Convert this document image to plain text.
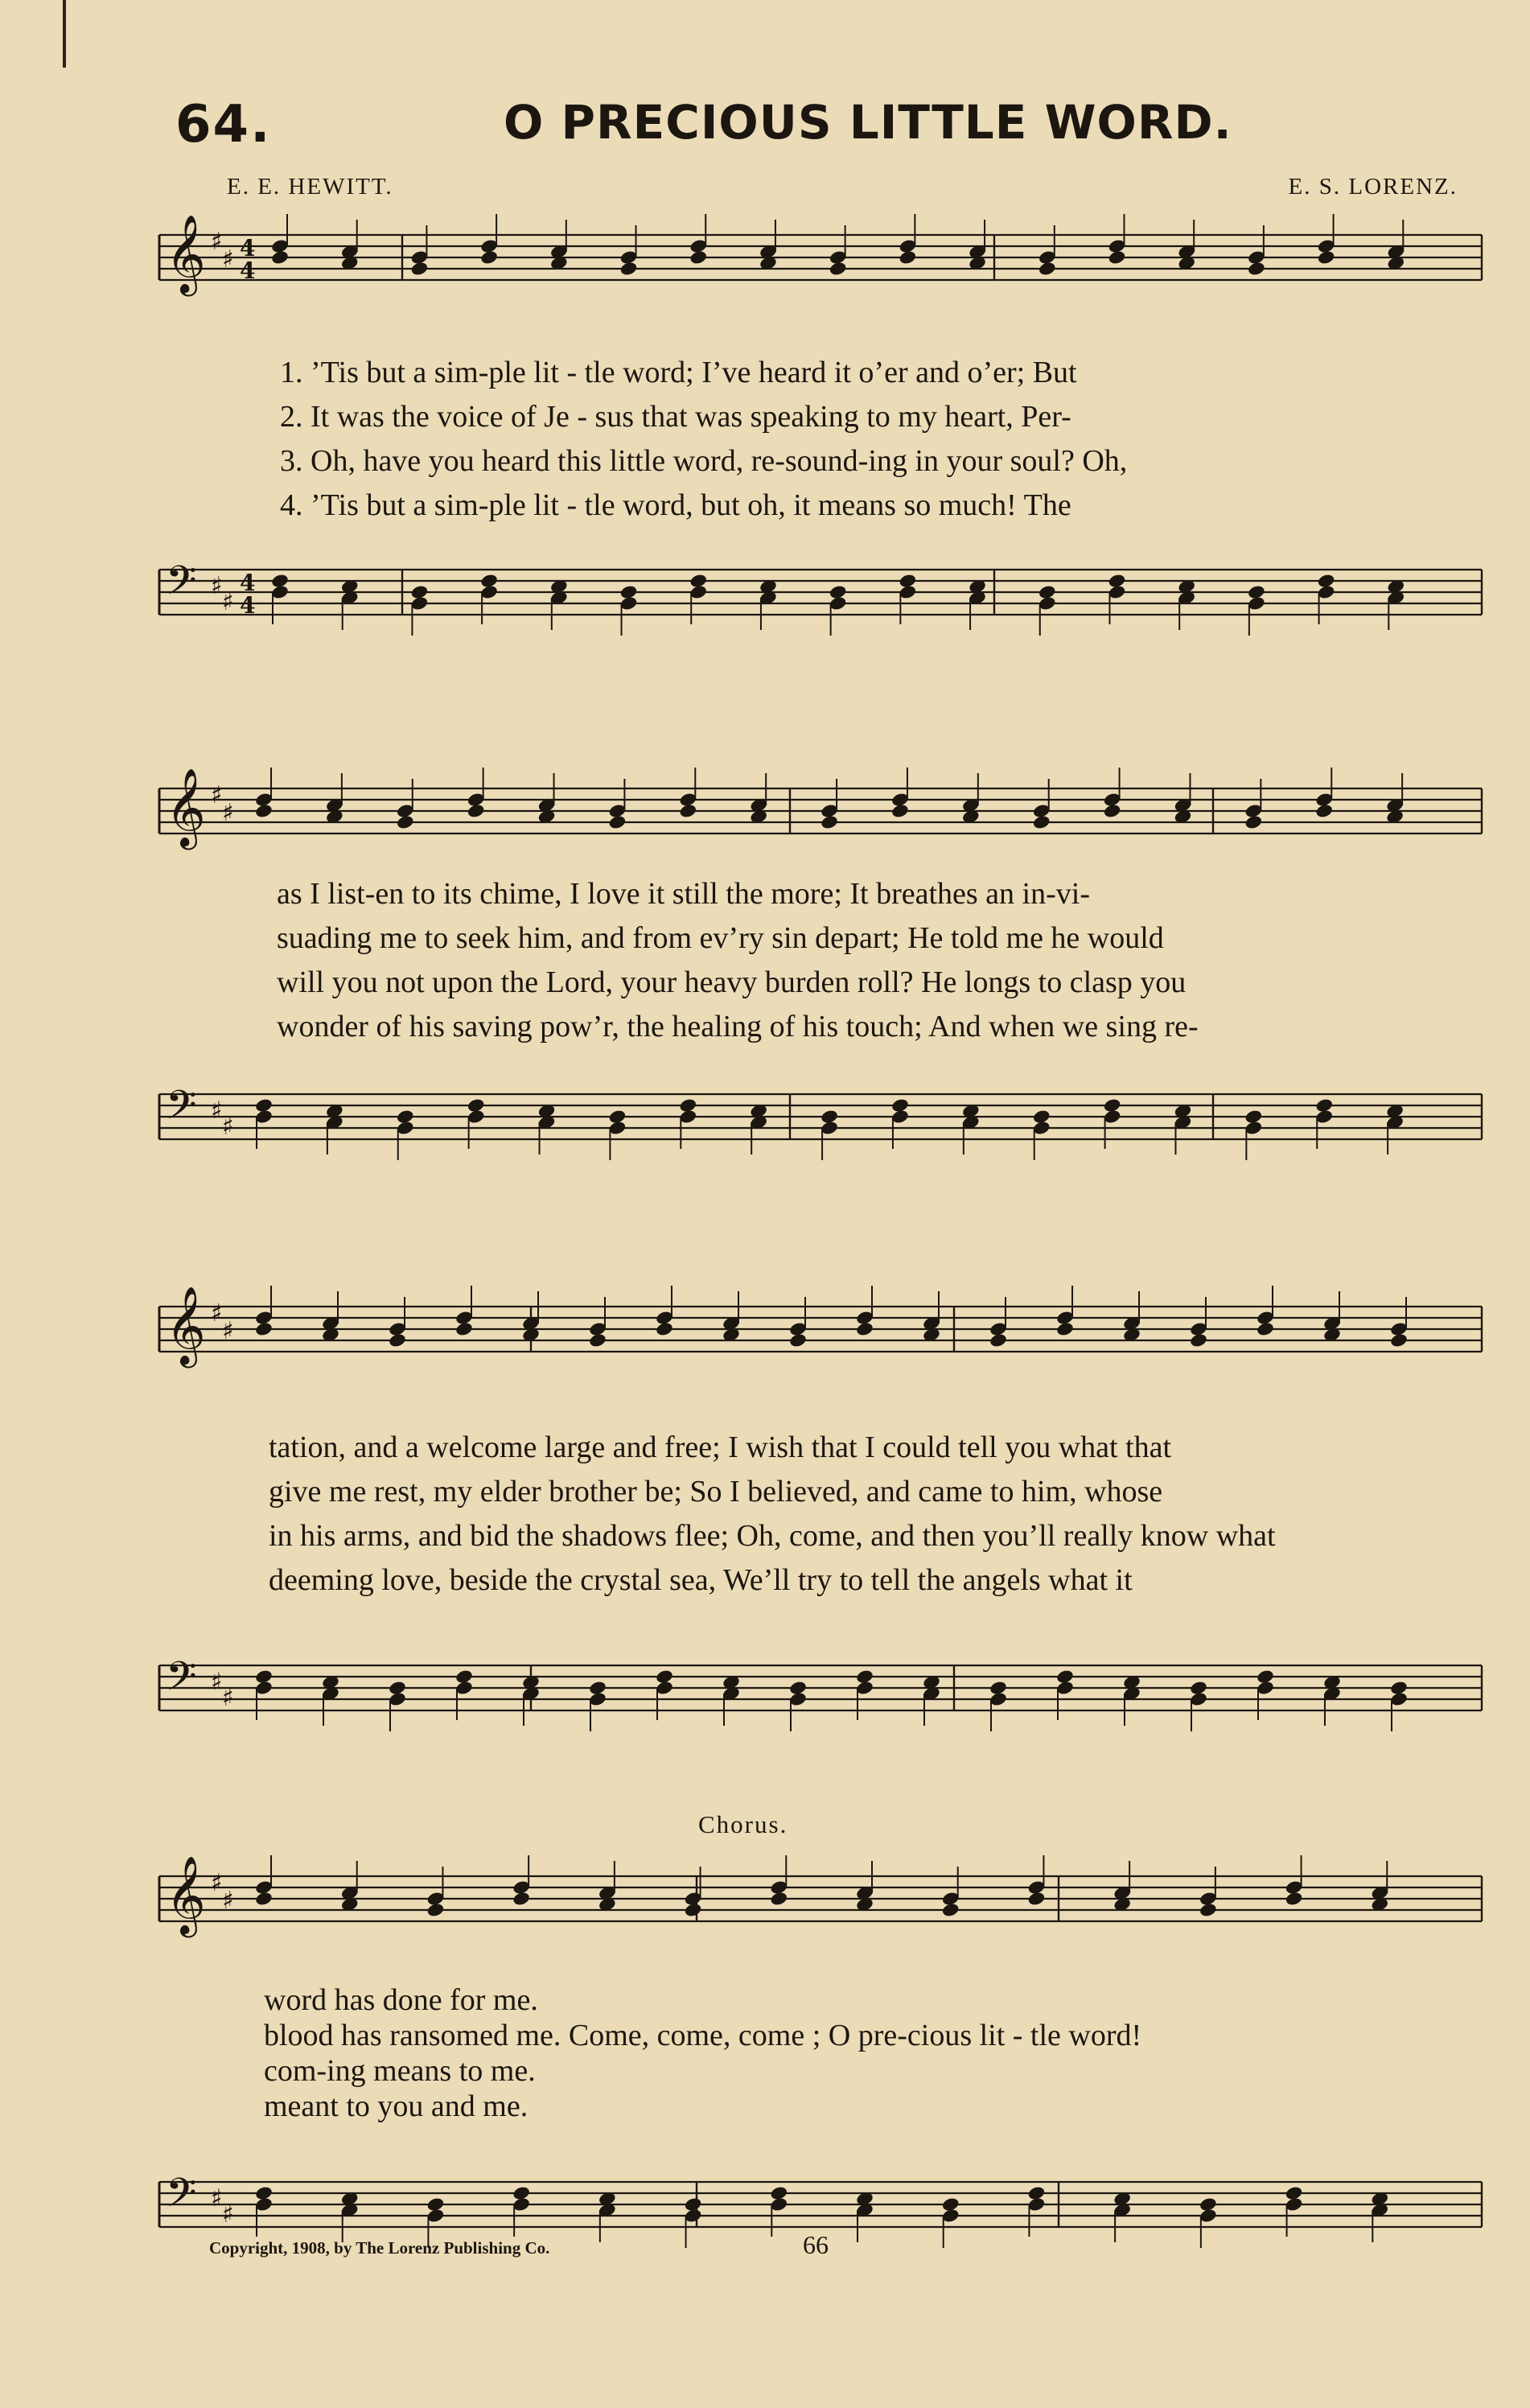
64.	O PRECIOUS LITTLE WORD.
E. E. HEWITT.	E. S. LORENZ.
𝄞 ♯
♯ 4
4
1. ’Tis but a sim-ple lit - tle word; I’ve heard it o’er and o’er; But
2. It was the voice of Je - sus that was speaking to my heart, Per-
3. Oh, have you heard this little word, re-sound-ing in your soul? Oh,
4. ’Tis but a sim-ple lit - tle word, but oh, it means so much! The
𝄢 ♯
♯
4
4
𝄞 ♯
♯
as I list-en to its chime, I love it still the more; It breathes an in-vi-
suading me to seek him, and from ev’ry sin depart; He told me he would
will you not upon the Lord, your heavy burden roll? He longs to clasp you
wonder of his saving pow’r, the healing of his touch; And when we sing re-
𝄢 ♯
♯
𝄞 ♯
♯
tation, and a welcome large and free; I wish that I could tell you what that
give me rest, my elder brother be; So I believed, and came to him, whose
in his arms, and bid the shadows flee; Oh, come, and then you’ll really know what
deeming love, beside the crystal sea, We’ll try to tell the angels what it
𝄢 ♯
♯
Chorus.
𝄞 ♯
♯
word has done for me.
blood has ransomed me. Come, come, come ; O pre-cious lit - tle word!
com-ing means to me.
meant to you and me.
𝄢 ♯
♯
Copyright, 1908, by The Lorenz Publishing Co.	66
